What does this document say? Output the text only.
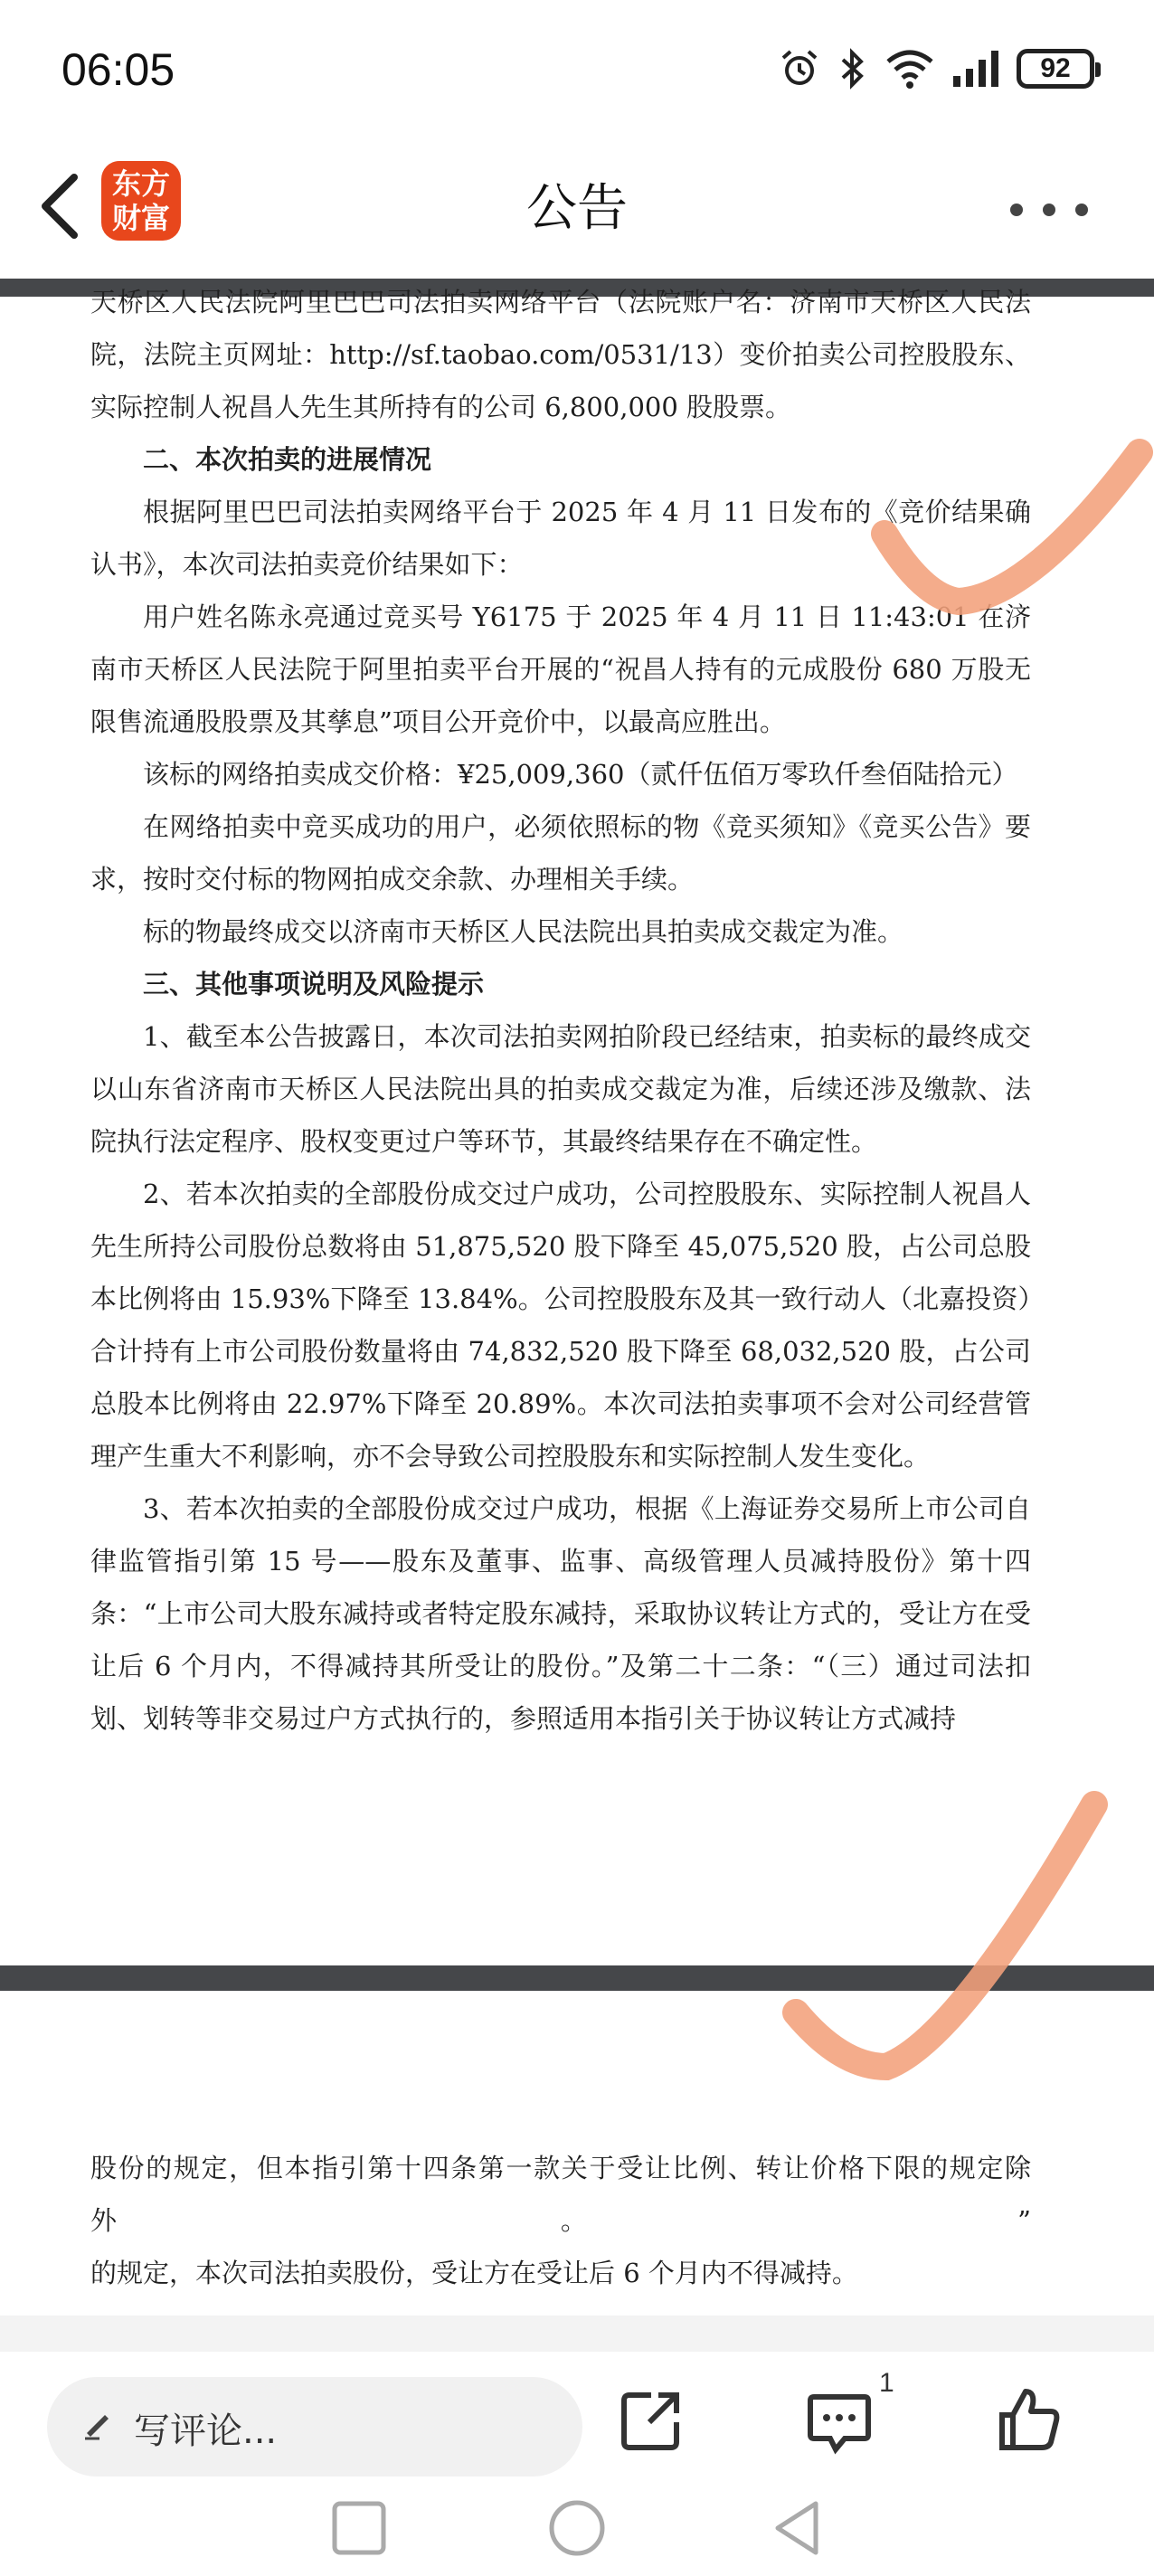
06:05	92
东方
财富	公告

天桥区人民法院阿里巴巴司法拍卖网络平台（法院账户名：济南市天桥区人民法

院，法院主页网址：http://sf.taobao.com/0531/13）变价拍卖公司控股股东、

实际控制人祝昌人先生其所持有的公司 6,800,000 股股票。

二、本次拍卖的进展情况

根据阿里巴巴司法拍卖网络平台于 2025 年 4 月 11 日发布的《竞价结果确认书》，本次司法拍卖竞价结果如下：

用户姓名陈永亮通过竞买号 Y6175 于 2025 年 4 月 11 日 11:43:01 在济南市天桥区人民法院于阿里拍卖平台开展的“祝昌人持有的元成股份 680 万股无限售流通股股票及其孳息”项目公开竞价中，以最高应胜出。

该标的网络拍卖成交价格：¥25,009,360（贰仟伍佰万零玖仟叁佰陆拾元）

在网络拍卖中竞买成功的用户，必须依照标的物《竞买须知》《竞买公告》要求，按时交付标的物网拍成交余款、办理相关手续。

标的物最终成交以济南市天桥区人民法院出具拍卖成交裁定为准。

三、其他事项说明及风险提示

1、截至本公告披露日，本次司法拍卖网拍阶段已经结束，拍卖标的最终成交以山东省济南市天桥区人民法院出具的拍卖成交裁定为准，后续还涉及缴款、法院执行法定程序、股权变更过户等环节，其最终结果存在不确定性。

2、若本次拍卖的全部股份成交过户成功，公司控股股东、实际控制人祝昌人先生所持公司股份总数将由 51,875,520 股下降至 45,075,520 股，占公司总股本比例将由 15.93%下降至 13.84%。公司控股股东及其一致行动人（北嘉投资）合计持有上市公司股份数量将由 74,832,520 股下降至 68,032,520 股，占公司总股本比例将由 22.97%下降至 20.89%。本次司法拍卖事项不会对公司经营管理产生重大不利影响，亦不会导致公司控股股东和实际控制人发生变化。

3、若本次拍卖的全部股份成交过户成功，根据《上海证券交易所上市公司自律监管指引第 15 号——股东及董事、监事、高级管理人员减持股份》第十四条：“上市公司大股东减持或者特定股东减持，采取协议转让方式的，受让方在受让后 6 个月内，不得减持其所受让的股份。”及第二十二条：“（三）通过司法扣划、划转等非交易过户方式执行的，参照适用本指引关于协议转让方式减持

股份的规定，但本指引第十四条第一款关于受让比例、转让价格下限的规定除外。”

的规定，本次司法拍卖股份，受让方在受让后 6 个月内不得减持。

写评论...
1
